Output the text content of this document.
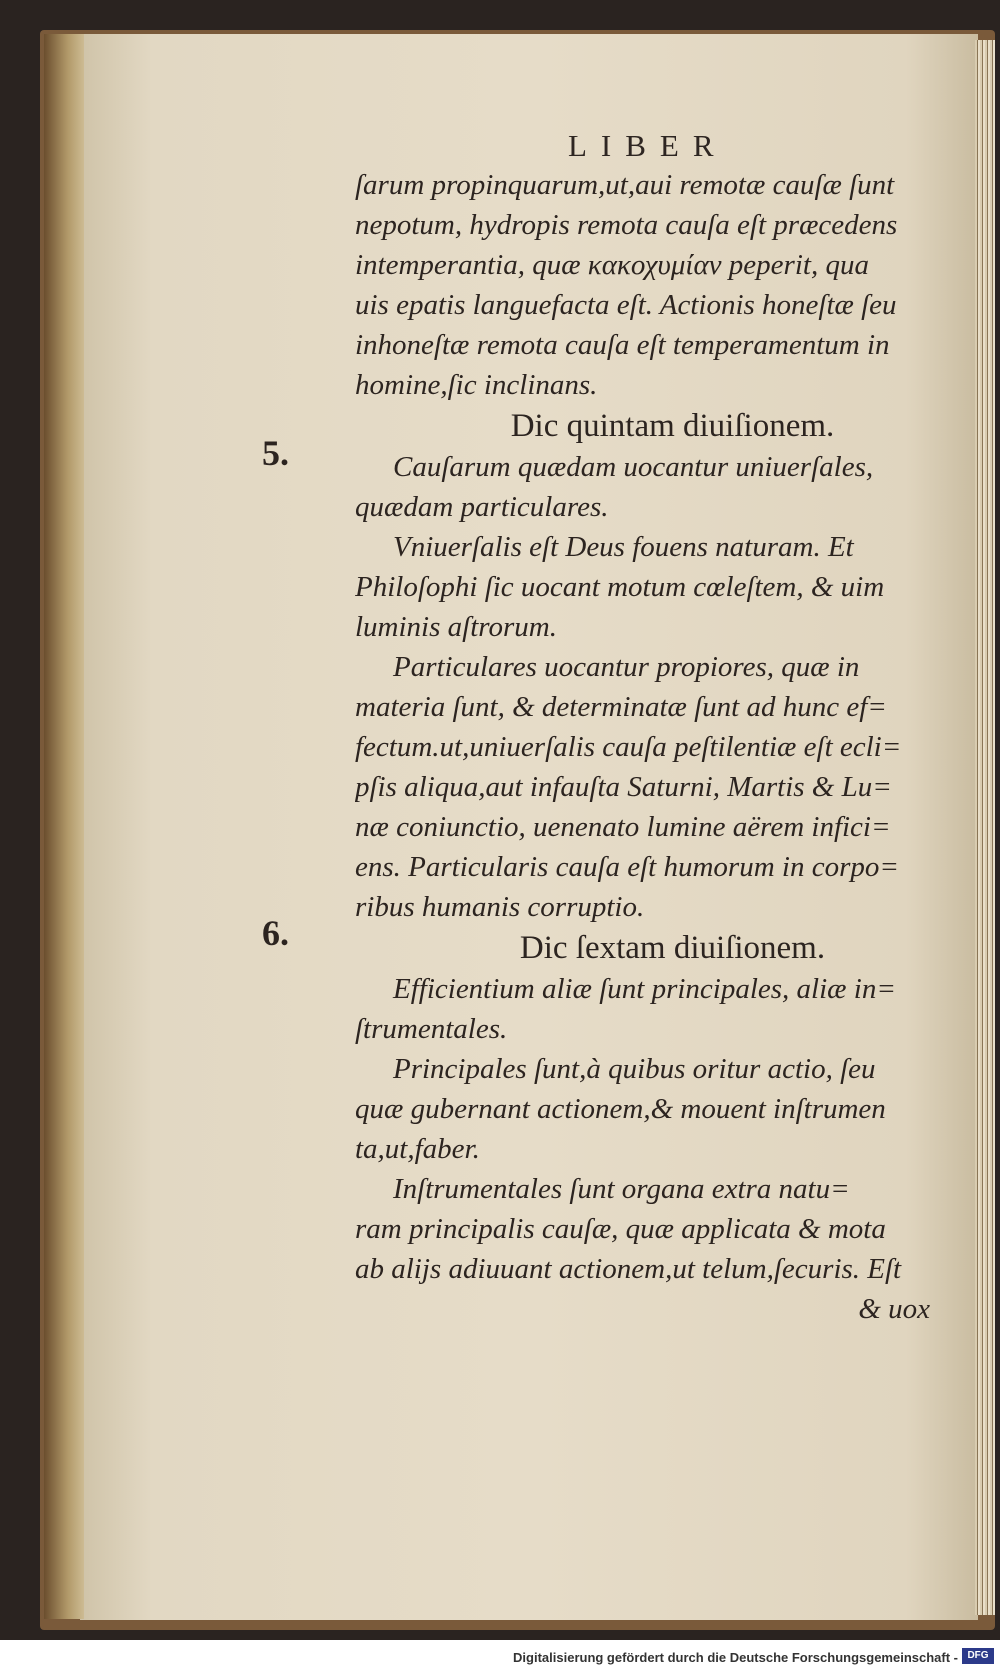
LIBER
5.
6.
ſarum propinquarum,ut,aui remotæ cauſæ ſunt
nepotum, hydropis remota cauſa eſt præcedens
intemperantia, quæ κακοχυμίαν peperit, qua
uis epatis languefacta eſt. Actionis honeſtæ ſeu
inhoneſtæ remota cauſa eſt temperamentum in
homine,ſic inclinans.
Dic quintam diuiſionem.
Cauſarum quædam uocantur uniuerſales,
quædam particulares.
Vniuerſalis eſt Deus fouens naturam. Et
Philoſophi ſic uocant motum cœleſtem, & uim
luminis aſtrorum.
Particulares uocantur propiores, quæ in
materia ſunt, & determinatæ ſunt ad hunc ef=
fectum.ut,uniuerſalis cauſa peſtilentiæ eſt ecli=
pſis aliqua,aut infauſta Saturni, Martis & Lu=
næ coniunctio, uenenato lumine aërem infici=
ens. Particularis cauſa eſt humorum in corpo=
ribus humanis corruptio.
Dic ſextam diuiſionem.
Efficientium aliæ ſunt principales, aliæ in=
ſtrumentales.
Principales ſunt,à quibus oritur actio, ſeu
quæ gubernant actionem,& mouent inſtrumen
ta,ut,faber.
Inſtrumentales ſunt organa extra natu=
ram principalis cauſæ, quæ applicata & mota
ab alijs adiuuant actionem,ut telum,ſecuris. Eſt
& uox
Digitalisierung gefördert durch die Deutsche Forschungsgemeinschaft - DFG
